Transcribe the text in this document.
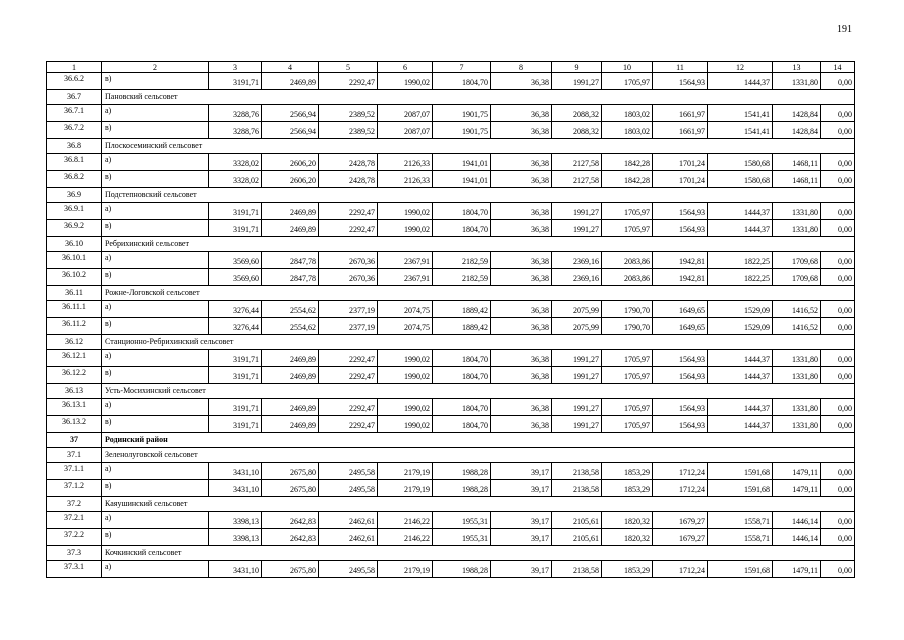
191
1	2	3	4	5	6	7	8	9	10	11	12	13	14
36.6.2	в)	3191,71	2469,89	2292,47	1990,02	1804,70	36,38	1991,27	1705,97	1564,93	1444,37	1331,80	0,00
36.7	Пановский сельсовет												
36.7.1	а)	3288,76	2566,94	2389,52	2087,07	1901,75	36,38	2088,32	1803,02	1661,97	1541,41	1428,84	0,00
36.7.2	в)	3288,76	2566,94	2389,52	2087,07	1901,75	36,38	2088,32	1803,02	1661,97	1541,41	1428,84	0,00
36.8	Плоскосеминский сельсовет												
36.8.1	а)	3328,02	2606,20	2428,78	2126,33	1941,01	36,38	2127,58	1842,28	1701,24	1580,68	1468,11	0,00
36.8.2	в)	3328,02	2606,20	2428,78	2126,33	1941,01	36,38	2127,58	1842,28	1701,24	1580,68	1468,11	0,00
36.9	Подстепновский сельсовет												
36.9.1	а)	3191,71	2469,89	2292,47	1990,02	1804,70	36,38	1991,27	1705,97	1564,93	1444,37	1331,80	0,00
36.9.2	в)	3191,71	2469,89	2292,47	1990,02	1804,70	36,38	1991,27	1705,97	1564,93	1444,37	1331,80	0,00
36.10	Ребрихинский сельсовет												
36.10.1	а)	3569,60	2847,78	2670,36	2367,91	2182,59	36,38	2369,16	2083,86	1942,81	1822,25	1709,68	0,00
36.10.2	в)	3569,60	2847,78	2670,36	2367,91	2182,59	36,38	2369,16	2083,86	1942,81	1822,25	1709,68	0,00
36.11	Рожне-Логовской сельсовет												
36.11.1	а)	3276,44	2554,62	2377,19	2074,75	1889,42	36,38	2075,99	1790,70	1649,65	1529,09	1416,52	0,00
36.11.2	в)	3276,44	2554,62	2377,19	2074,75	1889,42	36,38	2075,99	1790,70	1649,65	1529,09	1416,52	0,00
36.12	Станционно-Ребрихинский сельсовет												
36.12.1	а)	3191,71	2469,89	2292,47	1990,02	1804,70	36,38	1991,27	1705,97	1564,93	1444,37	1331,80	0,00
36.12.2	в)	3191,71	2469,89	2292,47	1990,02	1804,70	36,38	1991,27	1705,97	1564,93	1444,37	1331,80	0,00
36.13	Усть-Мосихинский сельсовет												
36.13.1	а)	3191,71	2469,89	2292,47	1990,02	1804,70	36,38	1991,27	1705,97	1564,93	1444,37	1331,80	0,00
36.13.2	в)	3191,71	2469,89	2292,47	1990,02	1804,70	36,38	1991,27	1705,97	1564,93	1444,37	1331,80	0,00
37	Родинский район												
37.1	Зеленолуговской сельсовет												
37.1.1	а)	3431,10	2675,80	2495,58	2179,19	1988,28	39,17	2138,58	1853,29	1712,24	1591,68	1479,11	0,00
37.1.2	в)	3431,10	2675,80	2495,58	2179,19	1988,28	39,17	2138,58	1853,29	1712,24	1591,68	1479,11	0,00
37.2	Каяушинский сельсовет												
37.2.1	а)	3398,13	2642,83	2462,61	2146,22	1955,31	39,17	2105,61	1820,32	1679,27	1558,71	1446,14	0,00
37.2.2	в)	3398,13	2642,83	2462,61	2146,22	1955,31	39,17	2105,61	1820,32	1679,27	1558,71	1446,14	0,00
37.3	Кочкинский сельсовет												
37.3.1	а)	3431,10	2675,80	2495,58	2179,19	1988,28	39,17	2138,58	1853,29	1712,24	1591,68	1479,11	0,00
